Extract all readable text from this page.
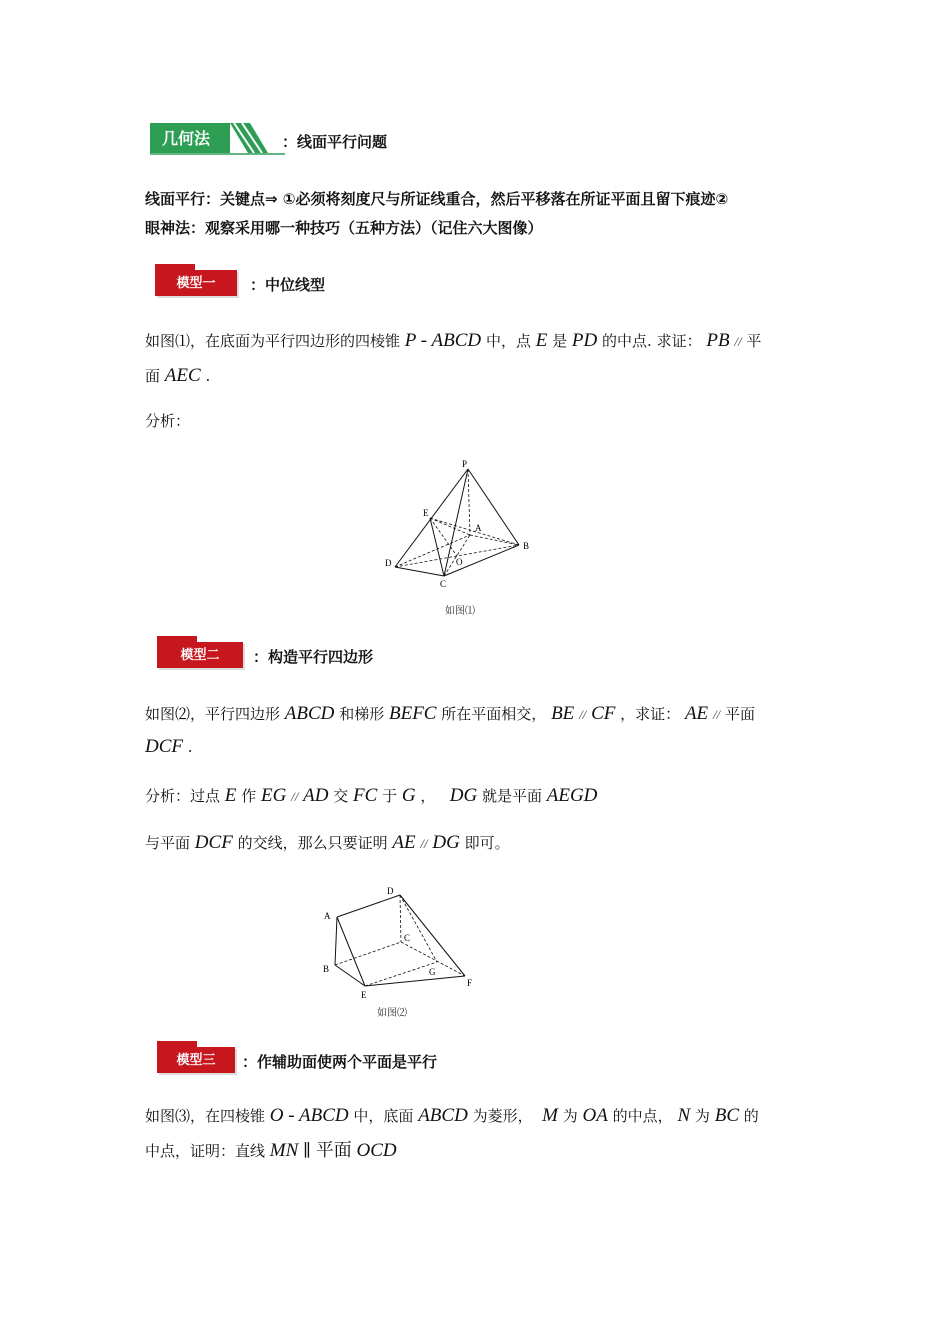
几何法	：线面平行问题
线面平行：关键点⇒ ①必须将刻度尺与所证线重合，然后平移落在所证平面且留下痕迹②
眼神法：观察采用哪一种技巧（五种方法）（记住六大图像）
模型一	：中位线型
如图⑴，在底面为平行四边形的四棱锥 P - ABCD 中，点 E 是 PD 的中点. 求证： PB // 平
面 AEC .
分析：
P
E
A
B
D	O
C
如图⑴
模型二	：构造平行四边形
如图⑵，平行四边形 ABCD 和梯形 BEFC 所在平面相交， BE // CF ，求证： AE // 平面
DCF .
分析：过点 E 作 EG // AD 交 FC 于 G ， DG 就是平面 AEGD
与平面 DCF 的交线，那么只要证明 AE // DG 即可。
D
A
C
B	G
E
F
如图⑵
模型三	：作辅助面使两个平面是平行
如图⑶，在四棱锥 O - ABCD 中，底面 ABCD 为菱形， M 为 OA 的中点， N 为 BC 的
中点，证明：直线 MN ∥ 平面 OCD
